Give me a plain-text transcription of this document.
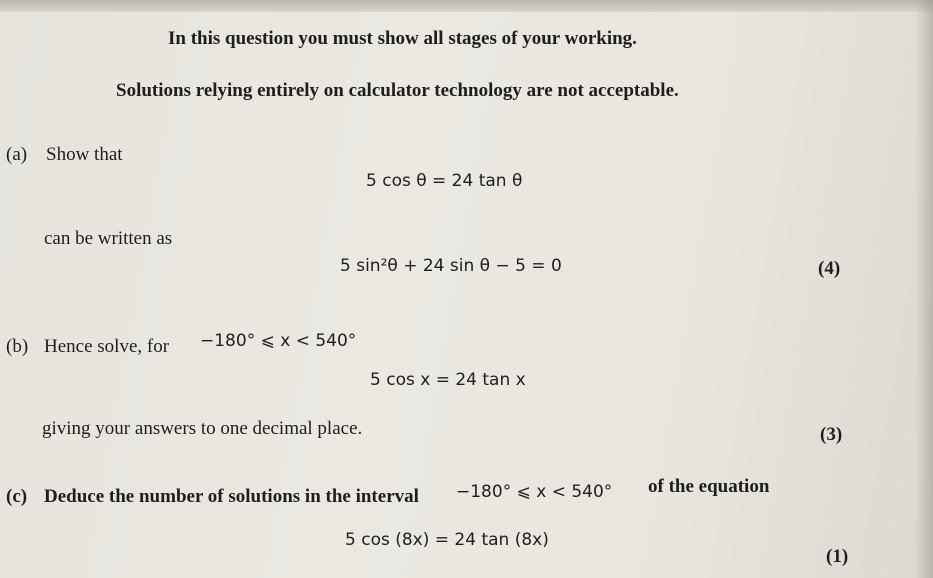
In this question you must show all stages of your working.
Solutions relying entirely on calculator technology are not acceptable.
(a) Show that
5 cos θ = 24 tan θ
can be written as
5 sin²θ + 24 sin θ − 5 = 0	(4)
(b) Hence solve, for −180° ⩽ x < 540°
5 cos x = 24 tan x
giving your answers to one decimal place.	(3)
(c) Deduce the number of solutions in the interval −180° ⩽ x < 540° of the equation
5 cos (8x) = 24 tan (8x)
(1)
